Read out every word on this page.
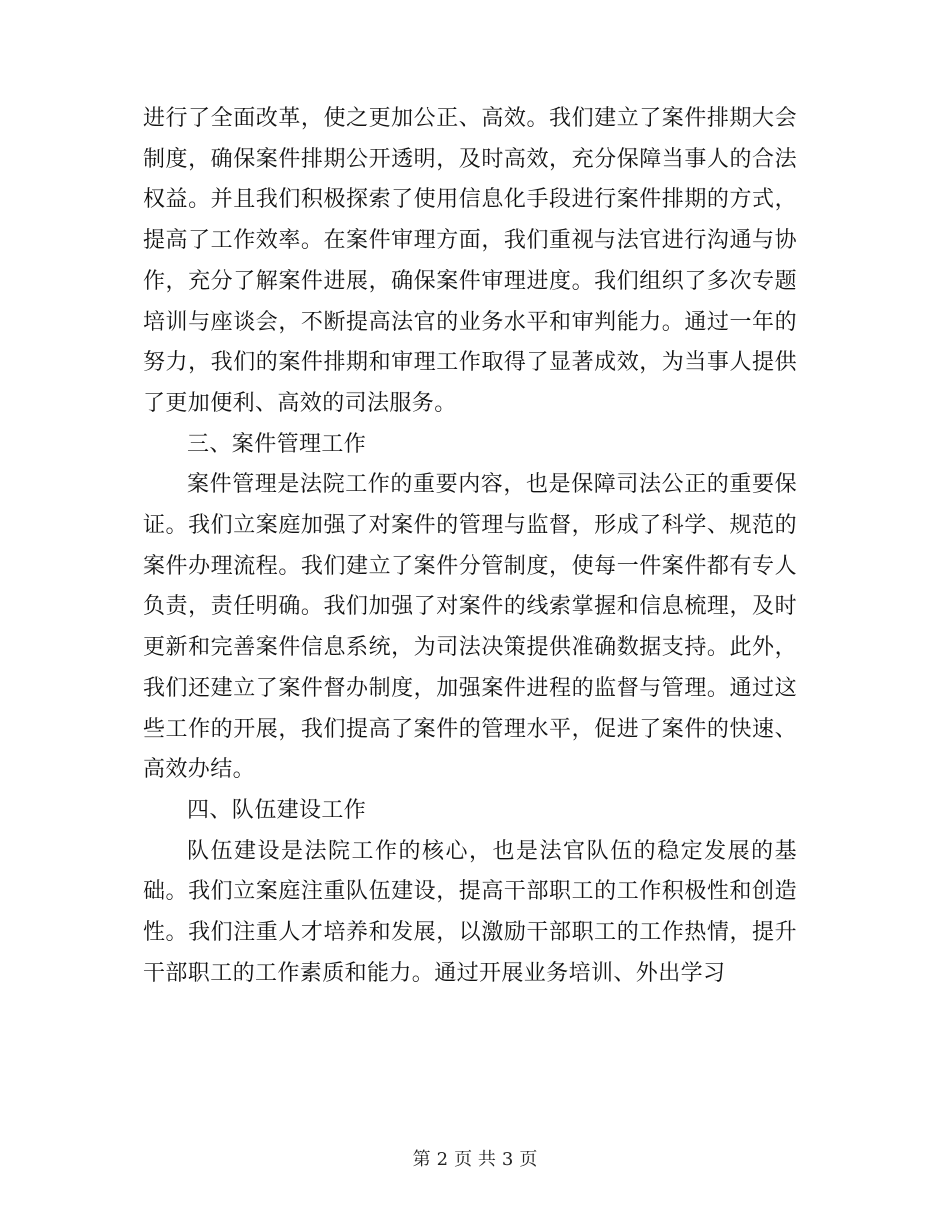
进行了全面改革，使之更加公正、高效。我们建立了案件排期大会制度，确保案件排期公开透明，及时高效，充分保障当事人的合法权益。并且我们积极探索了使用信息化手段进行案件排期的方式，提高了工作效率。在案件审理方面，我们重视与法官进行沟通与协作，充分了解案件进展，确保案件审理进度。我们组织了多次专题培训与座谈会，不断提高法官的业务水平和审判能力。通过一年的努力，我们的案件排期和审理工作取得了显著成效，为当事人提供了更加便利、高效的司法服务。

三、案件管理工作

案件管理是法院工作的重要内容，也是保障司法公正的重要保证。我们立案庭加强了对案件的管理与监督，形成了科学、规范的案件办理流程。我们建立了案件分管制度，使每一件案件都有专人负责，责任明确。我们加强了对案件的线索掌握和信息梳理，及时更新和完善案件信息系统，为司法决策提供准确数据支持。此外，我们还建立了案件督办制度，加强案件进程的监督与管理。通过这些工作的开展，我们提高了案件的管理水平，促进了案件的快速、高效办结。

四、队伍建设工作

队伍建设是法院工作的核心，也是法官队伍的稳定发展的基础。我们立案庭注重队伍建设，提高干部职工的工作积极性和创造性。我们注重人才培养和发展，以激励干部职工的工作热情，提升干部职工的工作素质和能力。通过开展业务培训、外出学习

第 2 页 共 3 页
